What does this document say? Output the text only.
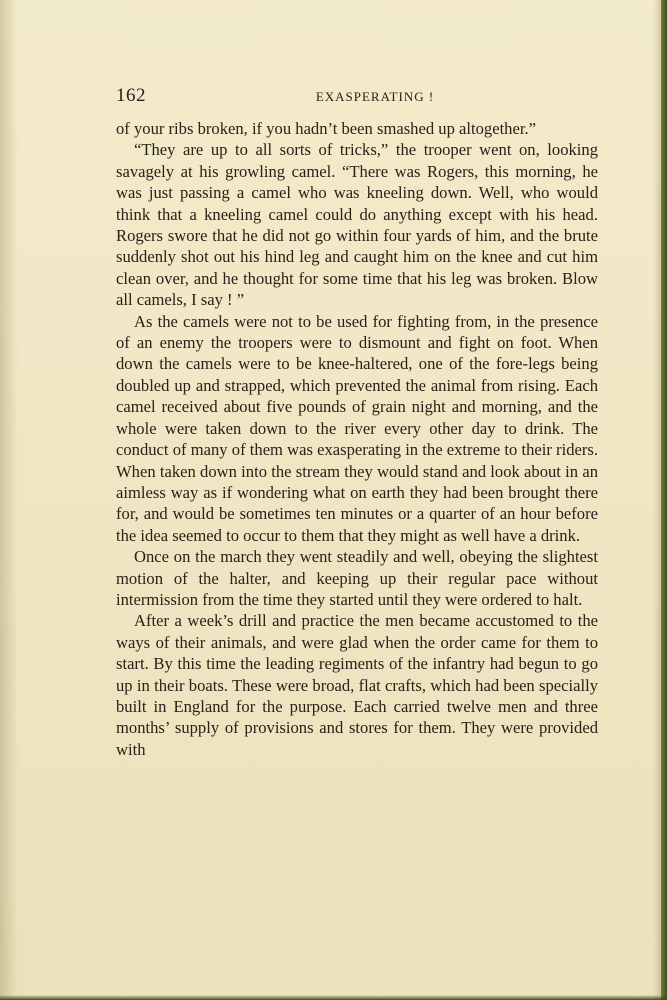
162	EXASPERATING !

of your ribs broken, if you hadn’t been smashed up altogether.”

“They are up to all sorts of tricks,” the trooper went on, looking savagely at his growling camel. “There was Rogers, this morning, he was just passing a camel who was kneeling down. Well, who would think that a kneeling camel could do anything except with his head. Rogers swore that he did not go within four yards of him, and the brute suddenly shot out his hind leg and caught him on the knee and cut him clean over, and he thought for some time that his leg was broken. Blow all camels, I say ! ”

As the camels were not to be used for fighting from, in the presence of an enemy the troopers were to dismount and fight on foot. When down the camels were to be knee-haltered, one of the fore-legs being doubled up and strapped, which prevented the animal from rising. Each camel received about five pounds of grain night and morning, and the whole were taken down to the river every other day to drink. The conduct of many of them was exasperating in the extreme to their riders. When taken down into the stream they would stand and look about in an aimless way as if wondering what on earth they had been brought there for, and would be sometimes ten minutes or a quarter of an hour before the idea seemed to occur to them that they might as well have a drink.

Once on the march they went steadily and well, obeying the slightest motion of the halter, and keeping up their regular pace without intermission from the time they started until they were ordered to halt.

After a week’s drill and practice the men became accustomed to the ways of their animals, and were glad when the order came for them to start. By this time the leading regiments of the infantry had begun to go up in their boats. These were broad, flat crafts, which had been specially built in England for the purpose. Each carried twelve men and three months’ supply of provisions and stores for them. They were provided with
